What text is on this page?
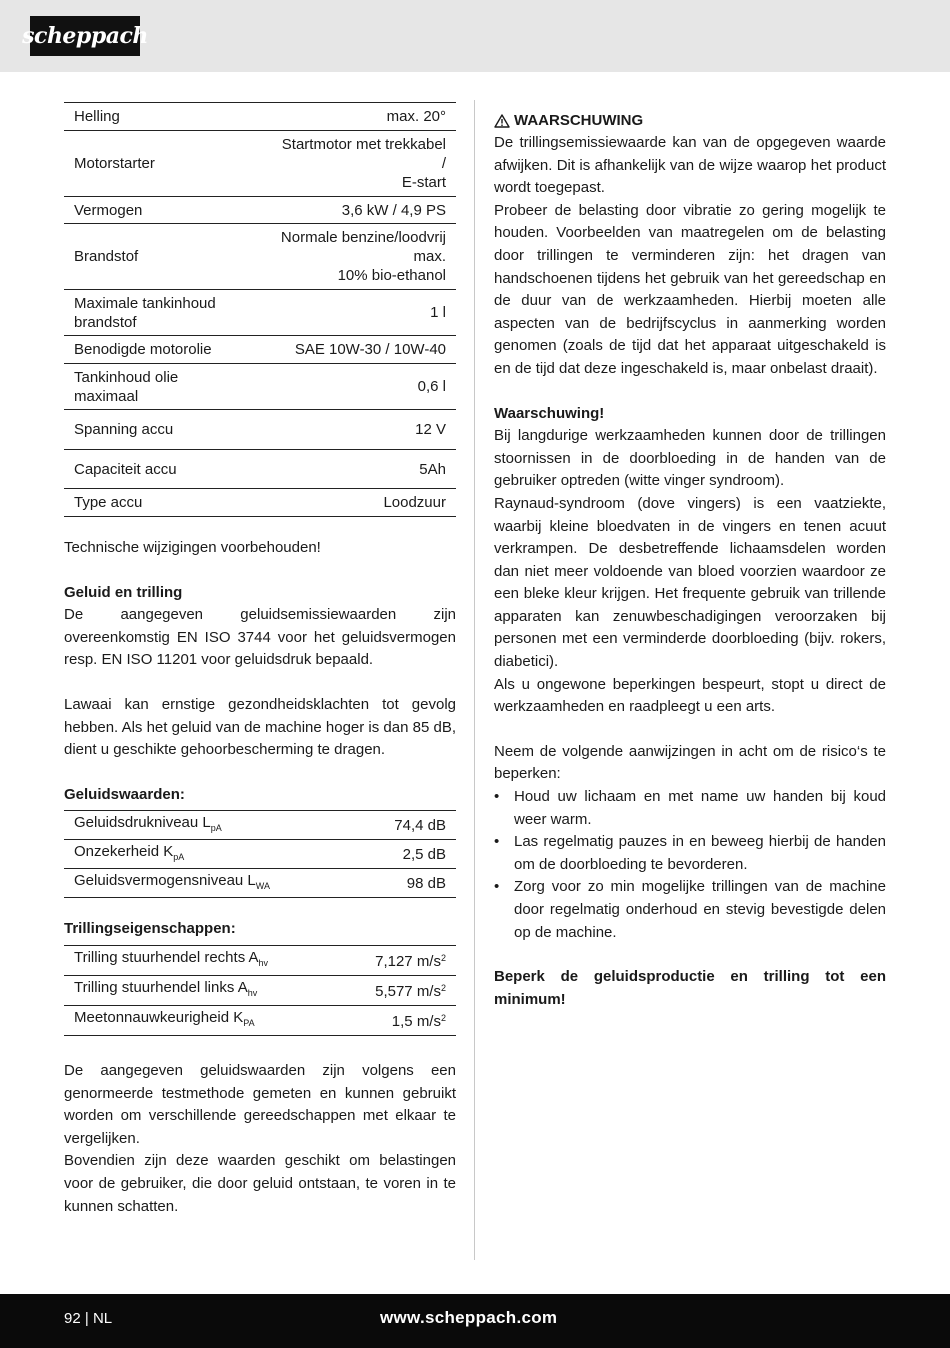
scheppach
Helling	max. 20°
Motorstarter	Startmotor met trekkabel
/
E-start

Vermogen	3,6 kW / 4,9 PS
Brandstof	Normale benzine/loodvrij
max.
10% bio-ethanol

Maximale tankinhoud
brandstof	1 l
Benodigde motorolie	SAE 10W-30 / 10W-40

Tankinhoud olie
maximaal	0,6 l
Spanning accu	12 V
Capaciteit accu	5Ah
Type accu	Loodzuur

Technische wijzigingen voorbehouden!

Geluid en trilling

De aangegeven geluidsemissiewaarden zijn overeenkomstig EN ISO 3744 voor het geluidsvermogen resp. EN ISO 11201 voor geluidsdruk bepaald.

Lawaai kan ernstige gezondheidsklachten tot gevolg hebben. Als het geluid van de machine hoger is dan 85 dB, dient u geschikte gehoorbescherming te dragen.

Geluidswaarden:

Geluidsdrukniveau $L_{pA}$	74,4 dB
Onzekerheid $K_{pA}$	2,5 dB
Geluidsvermogensniveau $L_{WA}$	98 dB

Trillingseigenschappen:

Trilling stuurhendel rechts $A_{hv}$	7,127 $m/s^2$
Trilling stuurhendel links $A_{hv}$	5,577 $m/s^2$
Meetonnauwkeurigheid $K_{PA}$	1,5 $m/s^2$

De aangegeven geluidswaarden zijn volgens een genormeerde testmethode gemeten en kunnen gebruikt worden om verschillende gereedschappen met elkaar te vergelijken.

Bovendien zijn deze waarden geschikt om belastingen voor de gebruiker, die door geluid ontstaan, te voren in te kunnen schatten.

WAARSCHUWING

De trillingsemissiewaarde kan van de opgegeven waarde afwijken. Dit is afhankelijk van de wijze waarop het product wordt toegepast.

Probeer de belasting door vibratie zo gering mogelijk te houden. Voorbeelden van maatregelen om de belasting door trillingen te verminderen zijn: het dragen van handschoenen tijdens het gebruik van het gereedschap en de duur van de werkzaamheden. Hierbij moeten alle aspecten van de bedrijfscyclus in aanmerking worden genomen (zoals de tijd dat het apparaat uitgeschakeld is en de tijd dat deze ingeschakeld is, maar onbelast draait).

Waarschuwing!

Bij langdurige werkzaamheden kunnen door de trillingen stoornissen in de doorbloeding in de handen van de gebruiker optreden (witte vinger syndroom).

Raynaud-syndroom (dove vingers) is een vaatziekte, waarbij kleine bloedvaten in de vingers en tenen acuut verkrampen. De desbetreffende lichaamsdelen worden dan niet meer voldoende van bloed voorzien waardoor ze een bleke kleur krijgen. Het frequente gebruik van trillende apparaten kan zenuwbeschadigingen veroorzaken bij personen met een verminderde doorbloeding (bijv. rokers, diabetici).

Als u ongewone beperkingen bespeurt, stopt u direct de werkzaamheden en raadpleegt u een arts.

Neem de volgende aanwijzingen in acht om de risico‘s te beperken:

• Houd uw lichaam en met name uw handen bij koud weer warm.
• Las regelmatig pauzes in en beweeg hierbij de handen om de doorbloeding te bevorderen.
• Zorg voor zo min mogelijke trillingen van de machine door regelmatig onderhoud en stevig bevestigde delen op de machine.

Beperk de geluidsproductie en trilling tot een minimum!

92 | NL	www.scheppach.com
